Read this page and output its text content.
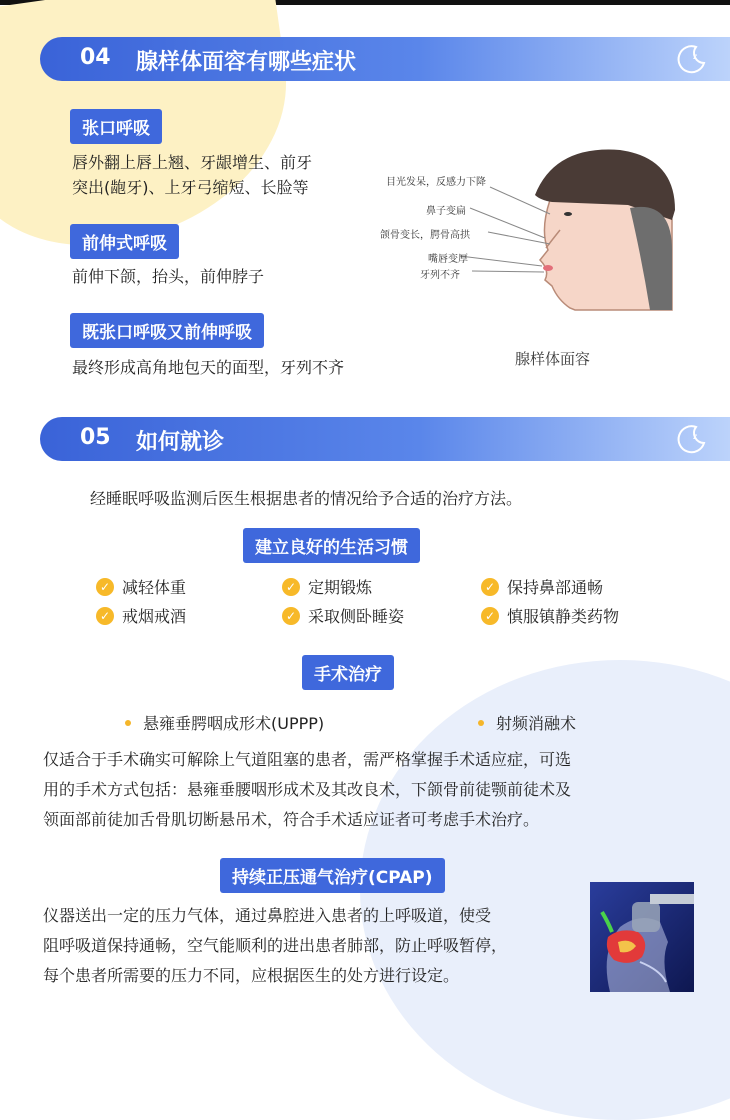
04 腺样体面容有哪些症状	z
张口呼吸
唇外翻上唇上翘、牙龈增生、前牙
突出(龅牙)、上牙弓缩短、长脸等
前伸式呼吸
前伸下颌，抬头，前伸脖子
既张口呼吸又前伸呼吸
最终形成高角地包天的面型，牙列不齐
目光发呆，反感力下降
鼻子变扁
颌骨变长，腭骨高拱
嘴唇变厚
牙列不齐
腺样体面容
05 如何就诊	z
经睡眠呼吸监测后医生根据患者的情况给予合适的治疗方法。
建立良好的生活习惯
✓ 减轻体重	✓ 定期锻炼	✓ 保持鼻部通畅
✓ 戒烟戒酒	✓ 采取侧卧睡姿	✓ 慎服镇静类药物
手术治疗
悬雍垂腭咽成形术(UPPP)	射频消融术
仅适合于手术确实可解除上气道阻塞的患者，需严格掌握手术适应症，可选
用的手术方式包括：悬雍垂腰咽形成术及其改良术，下颌骨前徒颚前徒术及
领面部前徒加舌骨肌切断悬吊术，符合手术适应证者可考虑手术治疗。
持续正压通气治疗(CPAP)
仪器送出一定的压力气体，通过鼻腔进入患者的上呼吸道，使受
阻呼吸道保持通畅，空气能顺利的进出患者肺部，防止呼吸暂停，
每个患者所需要的压力不同，应根据医生的处方进行设定。
